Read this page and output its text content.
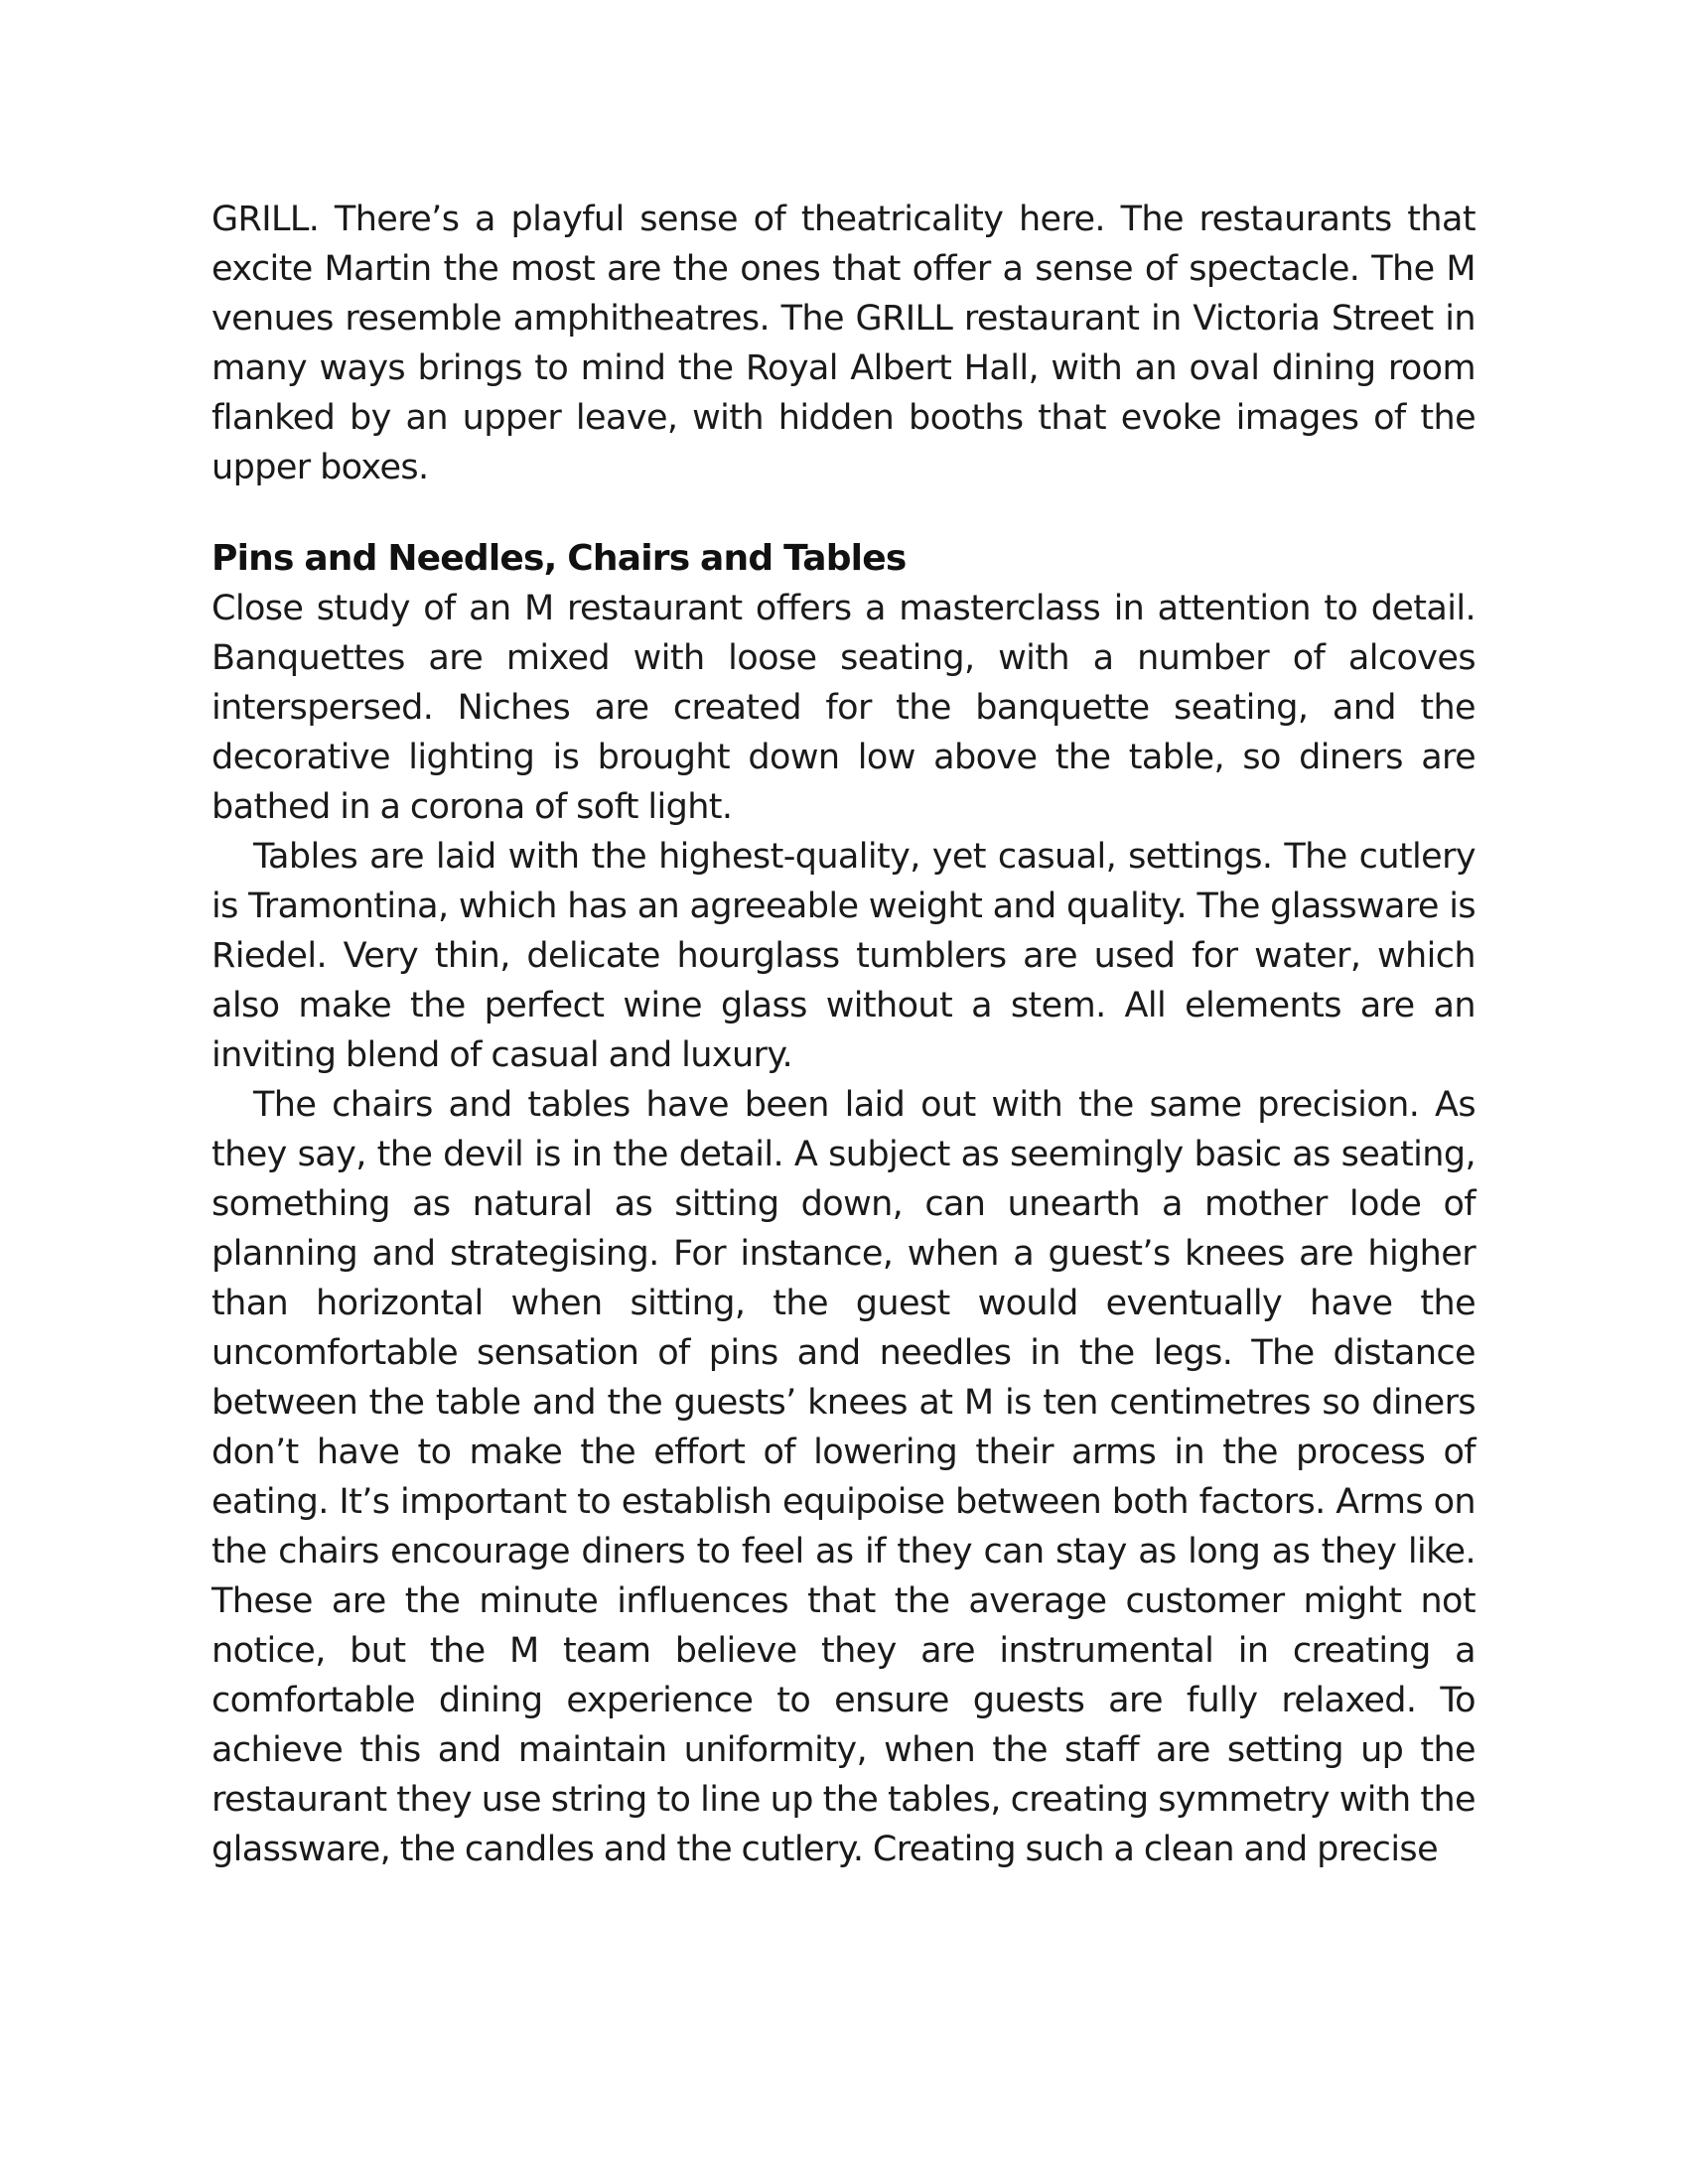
GRILL. There’s a playful sense of theatricality here. The restaurants that excite Martin the most are the ones that offer a sense of spectacle. The M venues resemble amphitheatres. The GRILL restaurant in Victoria Street in many ways brings to mind the Royal Albert Hall, with an oval dining room flanked by an upper leave, with hidden booths that evoke images of the upper boxes.

Pins and Needles, Chairs and Tables

Close study of an M restaurant offers a masterclass in attention to detail. Banquettes are mixed with loose seating, with a number of alcoves interspersed. Niches are created for the banquette seating, and the decorative lighting is brought down low above the table, so diners are bathed in a corona of soft light.

Tables are laid with the highest-quality, yet casual, settings. The cutlery is Tramontina, which has an agreeable weight and quality. The glassware is Riedel. Very thin, delicate hourglass tumblers are used for water, which also make the perfect wine glass without a stem. All elements are an inviting blend of casual and luxury.

The chairs and tables have been laid out with the same precision. As they say, the devil is in the detail. A subject as seemingly basic as seating, something as natural as sitting down, can unearth a mother lode of planning and strategising. For instance, when a guest’s knees are higher than horizontal when sitting, the guest would eventually have the uncomfortable sensation of pins and needles in the legs. The distance between the table and the guests’ knees at M is ten centimetres so diners don’t have to make the effort of lowering their arms in the process of eating. It’s important to establish equipoise between both factors. Arms on the chairs encourage diners to feel as if they can stay as long as they like. These are the minute influences that the average customer might not notice, but the M team believe they are instrumental in creating a comfortable dining experience to ensure guests are fully relaxed. To achieve this and maintain uniformity, when the staff are setting up the restaurant they use string to line up the tables, creating symmetry with the glassware, the candles and the cutlery. Creating such a clean and precise
